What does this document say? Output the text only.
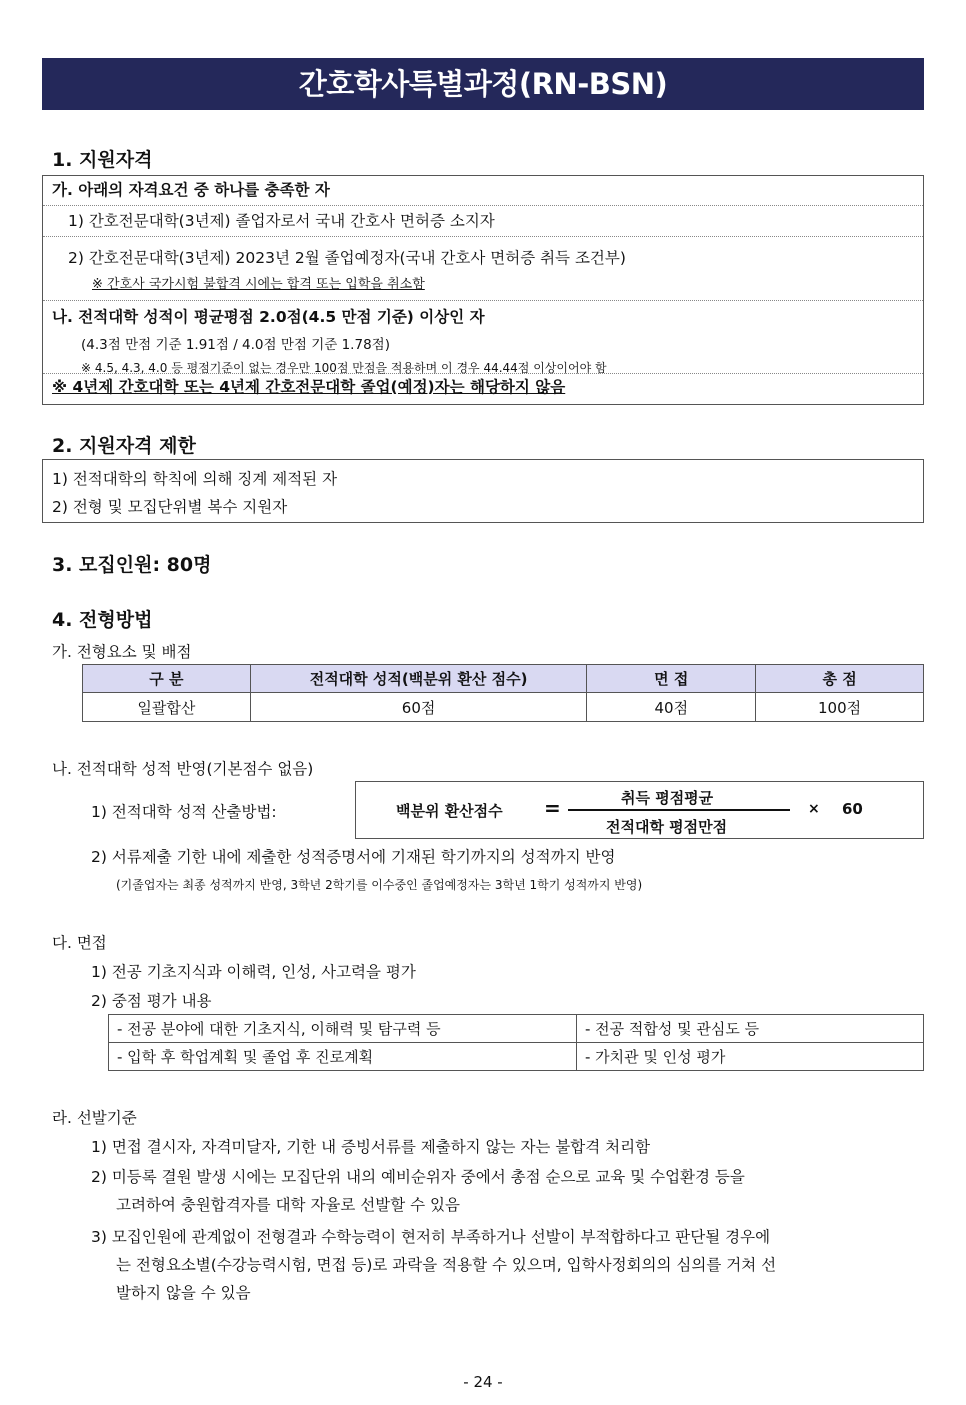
간호학사특별과정(RN-BSN)
1. 지원자격
가. 아래의 자격요건 중 하나를 충족한 자
1) 간호전문대학(3년제) 졸업자로서 국내 간호사 면허증 소지자
2) 간호전문대학(3년제) 2023년 2월 졸업예정자(국내 간호사 면허증 취득 조건부)
※ 간호사 국가시험 불합격 시에는 합격 또는 입학을 취소함
나. 전적대학 성적이 평균평점 2.0점(4.5 만점 기준) 이상인 자
(4.3점 만점 기준 1.91점 / 4.0점 만점 기준 1.78점)
※ 4.5, 4.3, 4.0 등 평점기준이 없는 경우만 100점 만점을 적용하며 이 경우 44.44점 이상이어야 함
※ 4년제 간호대학 또는 4년제 간호전문대학 졸업(예정)자는 해당하지 않음
2. 지원자격 제한
1) 전적대학의 학칙에 의해 징계 제적된 자
2) 전형 및 모집단위별 복수 지원자
3. 모집인원: 80명
4. 전형방법
가. 전형요소 및 배점
구 분	전적대학 성적(백분위 환산 점수)	면 접	총 점
일괄합산	60점	40점	100점
나. 전적대학 성적 반영(기본점수 없음)
1) 전적대학 성적 산출방법:	백분위 환산점수 =	취득 평점평균
전적대학 평점만점
× 60
2) 서류제출 기한 내에 제출한 성적증명서에 기재된 학기까지의 성적까지 반영
(기졸업자는 최종 성적까지 반영, 3학년 2학기를 이수중인 졸업예정자는 3학년 1학기 성적까지 반영)
다. 면접
1) 전공 기초지식과 이해력, 인성, 사고력을 평가
2) 중점 평가 내용
- 전공 분야에 대한 기초지식, 이해력 및 탐구력 등	- 전공 적합성 및 관심도 등
- 입학 후 학업계획 및 졸업 후 진로계획	- 가치관 및 인성 평가
라. 선발기준
1) 면접 결시자, 자격미달자, 기한 내 증빙서류를 제출하지 않는 자는 불합격 처리함
2) 미등록 결원 발생 시에는 모집단위 내의 예비순위자 중에서 총점 순으로 교육 및 수업환경 등을
고려하여 충원합격자를 대학 자율로 선발할 수 있음
3) 모집인원에 관계없이 전형결과 수학능력이 현저히 부족하거나 선발이 부적합하다고 판단될 경우에
는 전형요소별(수강능력시험, 면접 등)로 과락을 적용할 수 있으며, 입학사정회의의 심의를 거쳐 선
발하지 않을 수 있음
- 24 -
